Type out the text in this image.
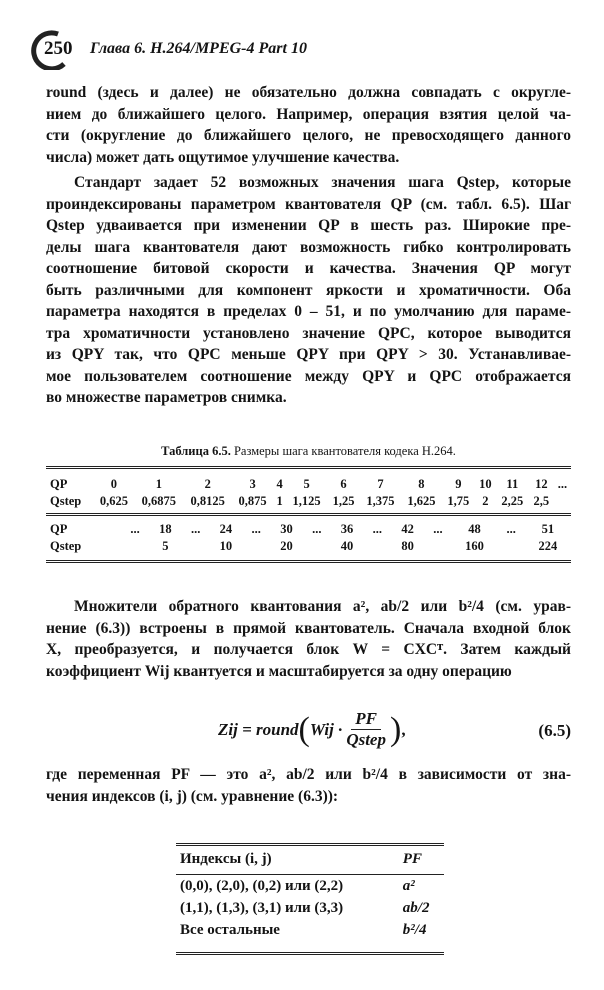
250 Глава 6. H.264/MPEG-4 Part 10
round (здесь и далее) не обязательно должна совпадать с округле-
нием до ближайшего целого. Например, операция взятия целой ча-
сти (округление до ближайшего целого, не превосходящего данного
числа) может дать ощутимое улучшение качества.
Стандарт задает 52 возможных значения шага Qstep, которые
проиндексированы параметром квантователя QP (см. табл. 6.5). Шаг
Qstep удваивается при изменении QP в шесть раз. Широкие пре-
делы шага квантователя дают возможность гибко контролировать
соотношение битовой скорости и качества. Значения QP могут
быть различными для компонент яркости и хроматичности. Оба
параметра находятся в пределах 0 – 51, и по умолчанию для параме-
тра хроматичности установлено значение QPC, которое выводится
из QPY так, что QPC меньше QPY при QPY > 30. Устанавливае-
мое пользователем соотношение между QPY и QPC отображается
во множестве параметров снимка.
Таблица 6.5. Размеры шага квантователя кодека H.264.
QP	0	1	2	3	4	5	6	7	8	9	10	11	12	...
Qstep	0,625	0,6875	0,8125	0,875	1	1,125	1,25	1,375	1,625	1,75	2	2,25	2,5	
QP	...	18	...	24	...	30	...	36	...	42	...	48	...	51
Qstep		5		10		20		40		80		160		224
Множители обратного квантования a², ab/2 или b²/4 (см. урав-
нение (6.3)) встроены в прямой квантователь. Сначала входной блок
X, преобразуется, и получается блок W = CXCᵀ. Затем каждый
коэффициент Wij квантуется и масштабируется за одну операцию
Zij = round ( Wij · $\frac{PF}{\text{Qstep}}$ ) ,	(6.5)
где переменная PF — это a², ab/2 или b²/4 в зависимости от зна-
чения индексов (i, j) (см. уравнение (6.3)):
Индексы (i, j)	PF

(0,0), (2,0), (0,2) или (2,2)	a²
(1,1), (1,3), (3,1) или (3,3)	ab/2
Все остальные	b²/4
